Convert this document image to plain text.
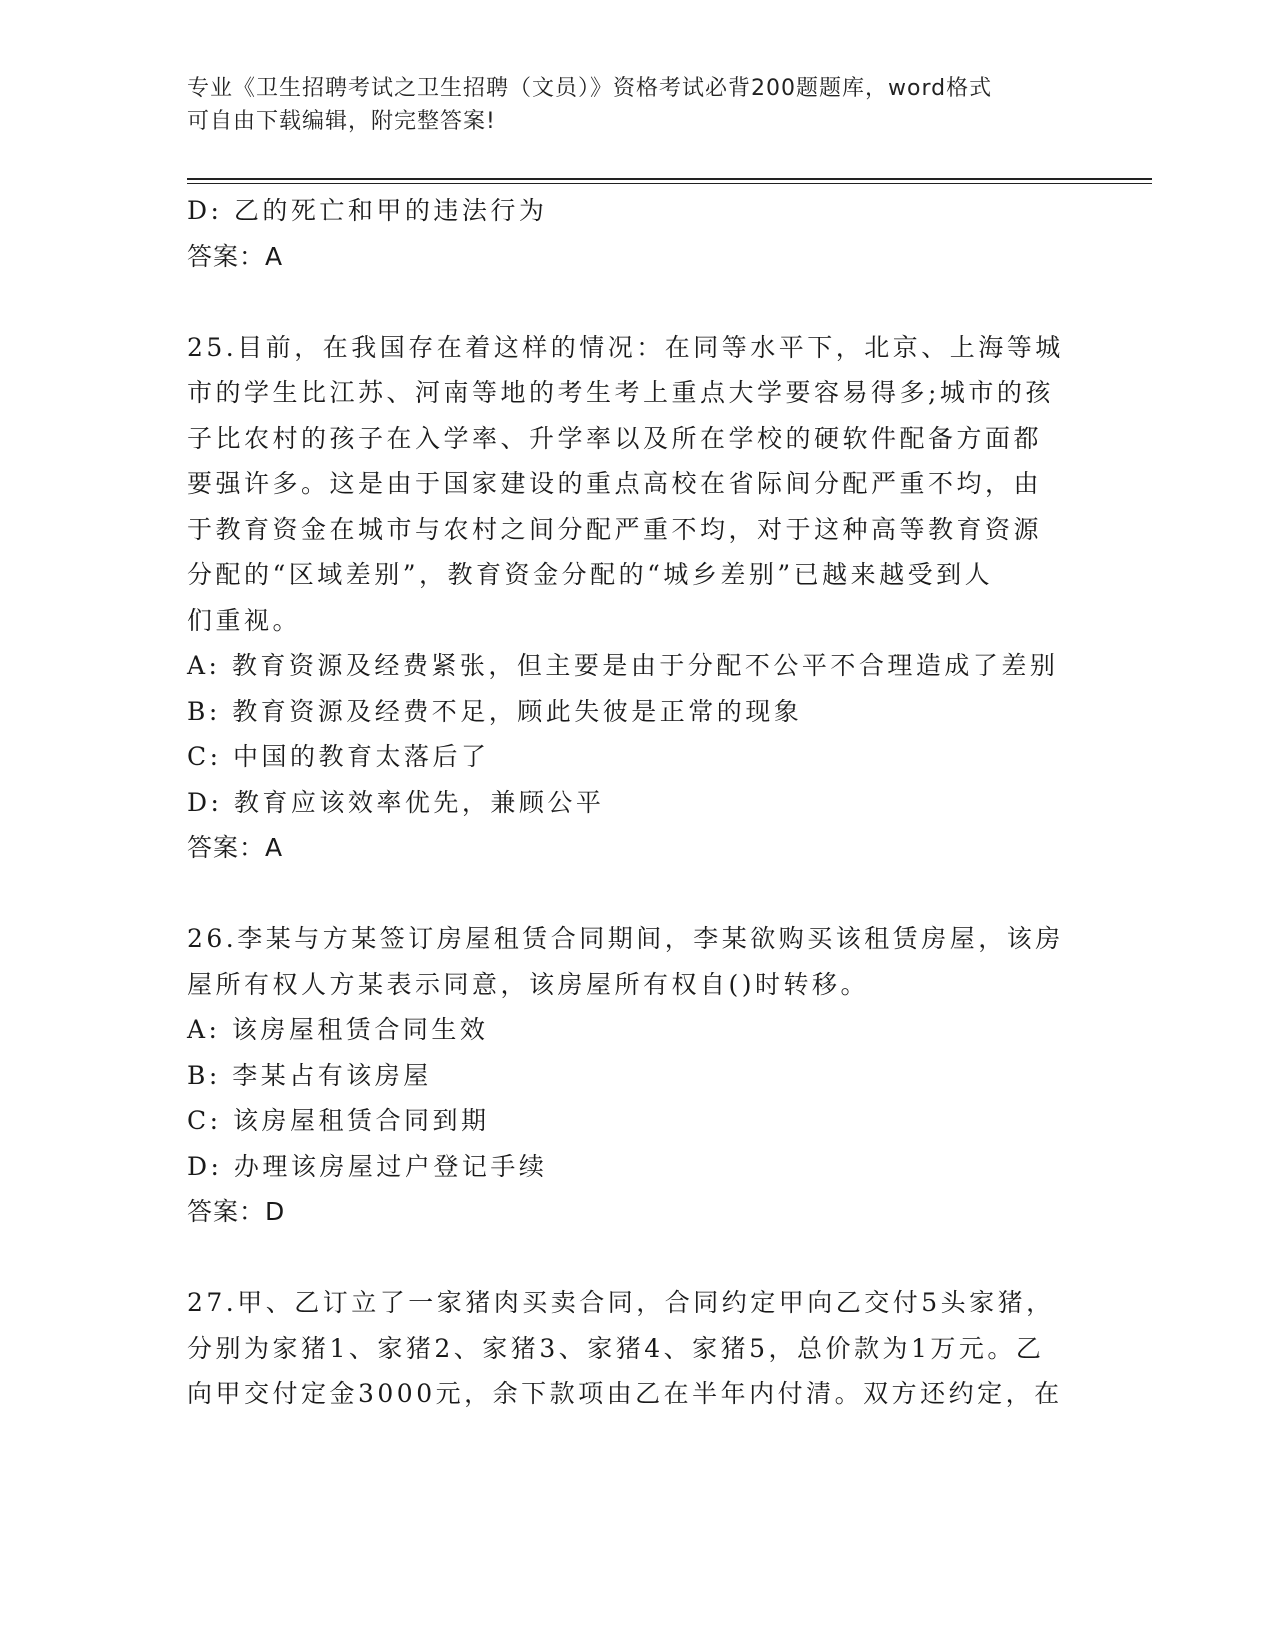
专业《卫生招聘考试之卫生招聘（文员）》资格考试必背200题题库，word格式
可自由下载编辑，附完整答案!
D: 乙的死亡和甲的违法行为
答案：A
25.目前，在我国存在着这样的情况：在同等水平下，北京、上海等城
市的学生比江苏、河南等地的考生考上重点大学要容易得多;城市的孩
子比农村的孩子在入学率、升学率以及所在学校的硬软件配备方面都
要强许多。这是由于国家建设的重点高校在省际间分配严重不均，由
于教育资金在城市与农村之间分配严重不均，对于这种高等教育资源
分配的“区域差别”，教育资金分配的“城乡差别”已越来越受到人
们重视。
A: 教育资源及经费紧张，但主要是由于分配不公平不合理造成了差别
B: 教育资源及经费不足，顾此失彼是正常的现象
C: 中国的教育太落后了
D: 教育应该效率优先，兼顾公平
答案：A
26.李某与方某签订房屋租赁合同期间，李某欲购买该租赁房屋，该房
屋所有权人方某表示同意，该房屋所有权自()时转移。
A: 该房屋租赁合同生效
B: 李某占有该房屋
C: 该房屋租赁合同到期
D: 办理该房屋过户登记手续
答案：D
27.甲、乙订立了一家猪肉买卖合同，合同约定甲向乙交付5头家猪，
分别为家猪1、家猪2、家猪3、家猪4、家猪5，总价款为1万元。乙
向甲交付定金3000元，余下款项由乙在半年内付清。双方还约定，在
